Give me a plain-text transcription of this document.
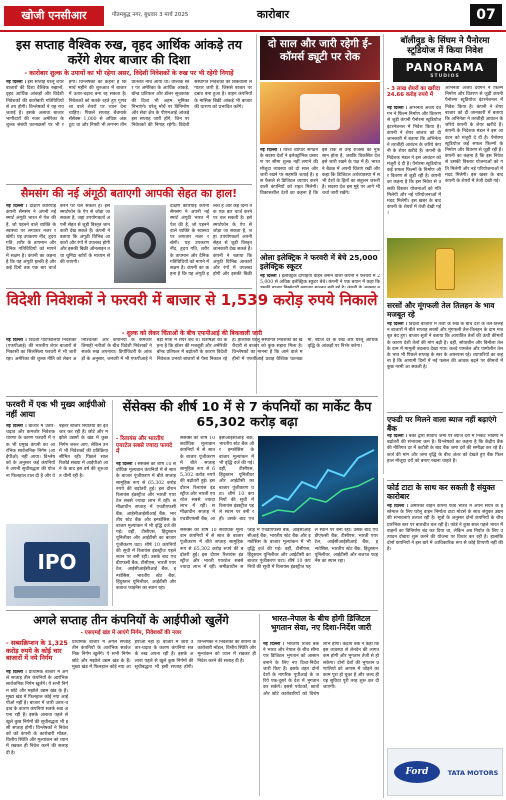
खोजी एनसीआर	गौतमबुद्ध नगर, बुधवार 3 मार्च 2025	कारोबार	07
इस सप्ताह वैश्विक रुख, वृहद आर्थिक आंकड़े तय करेंगे शेयर बाजार की दिशा
- कारोबार शुल्क के उपायों का भी रहेगा असर, विदेशी निवेशकों के रुख पर भी रहेगी निगाहें
नई दिल्ली । इस सप्ताह घरेलू शेयर बाजारों की दिशा वैश्विक रुझानों, वृहद आर्थिक आंकड़ों और विदेशी निवेशकों की कारोबारी गतिविधियों से तय होगी। विश्लेषकों ने यह राय जताई है। इसके अलावा बाजार भागीदारों की नजर अमेरिका के शुल्क संबंधी घटनाक्रमों पर भी रहेगी। विश्लेषकों का कहना है कि मार्च महीने की शुरुआत में बाजार में उतार-चढ़ाव बना रह सकता है। निवेशकों को सतर्क रहते हुए गुणवत्ता वाले शेयरों पर ध्यान देना चाहिए। पिछले सप्ताह बेंचमार्क सेंसेक्स 1,000 से अधिक अंक टूटा था और निफ्टी भी लगभग तीन प्रतिशत नीचे आया था। वैश्विक स्तर पर अमेरिका के आर्थिक आंकड़े, बॉन्ड प्रतिफल और डॉलर सूचकांक की दिशा भी अहम भूमिका निभाएंगे। घरेलू मोर्चे पर विनिर्माण और सेवा क्षेत्र के पीएमआई आंकड़े इस सप्ताह जारी होंगे, जिन पर निवेशकों की निगाह रहेगी। विदेशी संस्थागत निवेशकों की बिकवाली लगातार जारी है, जिससे बाजार पर दबाव बना हुआ है। वाहन कंपनियों के मासिक बिक्री आंकड़े भी बाजार की धारणा को प्रभावित करेंगे।
सैमसंग की नई अंगूठी बताएगी आपकी सेहत का हाल!
नई दिल्ली । दक्षिण कोरियाई कंपनी सैमसंग ने अपनी नई स्मार्ट अंगूठी भारत में पेश की है, जो पहनने वाले व्यक्ति के स्वास्थ्य पर लगातार नजर रखेगी। यह उपकरण नींद, हृदय गति, शरीर के तापमान और दैनिक गतिविधियों को मापने में सक्षम है। कंपनी का कहना है कि यह अंगूठी हल्की है और कई दिनों तक एक बार चार्ज करने पर चल सकती है। इसे स्मार्टफोन के ऐप से जोड़ा जा सकता है, जहां उपयोगकर्ता अपनी सेहत से जुड़ी विस्तृत जानकारी देख सकते हैं। कंपनी ने बताया कि अंगूठी विभिन्न आकारों और रंगों में उपलब्ध होगी और इसकी बिक्री ऑनलाइन तथा चुनिंदा स्टोरों के माध्यम से की जाएगी।
दक्षिण कोरियाई कंपनी सैमसंग ने अपनी नई स्मार्ट अंगूठी भारत में पेश की है, जो पहनने वाले व्यक्ति के स्वास्थ्य पर लगातार नजर रखेगी। यह उपकरण नींद, हृदय गति, शरीर के तापमान और दैनिक गतिविधियों को मापने में सक्षम है। कंपनी का कहना है कि यह अंगूठी हल्की है और कई दिनों तक एक बार चार्ज करने पर चल सकती है। इसे स्मार्टफोन के ऐप से जोड़ा जा सकता है, जहां उपयोगकर्ता अपनी सेहत से जुड़ी विस्तृत जानकारी देख सकते हैं। कंपनी ने बताया कि अंगूठी विभिन्न आकारों और रंगों में उपलब्ध होगी और इसकी बिक्री
विदेशी निवेशकों ने फरवरी में बाजार से 1,539 करोड़ रुपये निकाले
- शुल्क को लेकर चिंताओं के बीच एफपीआई की बिकवाली जारी
नई दिल्ली । विदेशी पोर्टफोलियो निवेशकों (एफपीआई) की भारतीय शेयर बाजारों से निकासी का सिलसिला फरवरी में भी जारी रहा। अमेरिका की शुल्क नीति को लेकर अनिश्चितता और कंपनियों के कमजोर तिमाही नतीजों के बीच विदेशी निवेशकों ने सतर्क रुख अपनाया। डिपॉजिटरी के आंकड़ों के अनुसार, जनवरी में भी एफपीआई ने बड़ी मात्रा में शेयर बेचे थे। विशेषज्ञों का कहना है कि डॉलर की मजबूती और अमेरिकी बॉन्ड प्रतिफल में बढ़ोतरी के कारण विदेशी निवेशक उभरते बाजारों से पैसा निकाल रहे हैं। हालांकि घरेलू संस्थागत निवेशकों की खरीदारी से बाजार को कुछ सहारा मिला है। विश्लेषकों का मानना है कि आने वाले महीनों में एफपीआई प्रवाह वैश्विक घटनाक्रमों, ब्याज दर के रुख और घरेलू आर्थिक वृद्धि के आंकड़ों पर निर्भर करेगा।
फरवरी में एक भी मुख्य आईपीओ नहीं आया
नई दिल्ली । बाजार में उतार-चढ़ाव और कमजोर निवेशक धारणा के कारण फरवरी में एक भी प्रमुख कंपनी का आरंभिक सार्वजनिक निर्गम (आईपीओ) नहीं आया। विश्लेषकों के अनुसार कई कंपनियों ने अपनी सूचीबद्धता की योजना फिलहाल टाल दी है और वे बेहतर बाजार स्थितियों का इंतजार कर रही हैं। छोटे और मझोले उद्यमों के खंड में कुछ निर्गम जरूर आए, लेकिन उनमें भी निवेशकों की प्रतिक्रिया सीमित रही। पिछले साल रिकॉर्ड संख्या में आईपीओ आने के बाद इस वर्ष की शुरुआत धीमी रही है।
IPO
सेंसेक्स की शीर्ष 10 में से 7 कंपनियों का मार्केट कैप 65,302 करोड़ बढ़ा
- रिलायंस और भारतीय एयरटेल सबसे ज्यादा फायदे में
नई दिल्ली । सेंसेक्स की शीर्ष 10 सर्वाधिक मूल्यवान कंपनियों में से सात के बाजार पूंजीकरण में बीते सप्ताह सामूहिक रूप से 65,302 करोड़ रुपये की बढ़ोतरी हुई। इस दौरान रिलायंस इंडस्ट्रीज और भारती एयरटेल सबसे ज्यादा लाभ में रहीं। समीक्षाधीन सप्ताह में एचडीएफसी बैंक, आईसीआईसीआई बैंक, भारतीय स्टेट बैंक और इन्फोसिस के बाजार मूल्यांकन में भी वृद्धि दर्ज की गई। वहीं, टीसीएस, हिंदुस्तान यूनिलीवर और आईटीसी का बाजार पूंजीकरण घटा। शीर्ष 10 कंपनियों की सूची में रिलायंस इंडस्ट्रीज पहले स्थान पर बनी रही। उसके बाद एचडीएफसी बैंक, टीसीएस, भारती एयरटेल, आईसीआईसीआई बैंक, इन्फोसिस, भारतीय स्टेट बैंक, हिंदुस्तान यूनिलीवर, आईटीसी और बजाज फाइनेंस का स्थान रहा।
सेंसेक्स की शीर्ष 10 सर्वाधिक मूल्यवान कंपनियों में से सात के बाजार पूंजीकरण में बीते सप्ताह सामूहिक रूप से 65,302 करोड़ रुपये की बढ़ोतरी हुई। इस दौरान रिलायंस इंडस्ट्रीज और भारती एयरटेल सबसे ज्यादा लाभ में रहीं। समीक्षाधीन सप्ताह में एचडीएफसी बैंक, आईसीआईसीआई बैंक, भारतीय स्टेट बैंक और इन्फोसिस के बाजार मूल्यांकन में भी वृद्धि दर्ज की गई। वहीं, टीसीएस, हिंदुस्तान यूनिलीवर और आईटीसी का बाजार पूंजीकरण घटा। शीर्ष 10 कंपनियों की सूची में रिलायंस इंडस्ट्रीज पहले स्थान पर बनी रही। उसके बाद एच
सेंसेक्स की शीर्ष 10 सर्वाधिक मूल्यवान कंपनियों में से सात के बाजार पूंजीकरण में बीते सप्ताह सामूहिक रूप से 65,302 करोड़ रुपये की बढ़ोतरी हुई। इस दौरान रिलायंस इंडस्ट्रीज और भारती एयरटेल सबसे ज्यादा लाभ में रहीं। समीक्षाधीन सप्ताह में एचडीएफसी बैंक, आईसीआईसीआई बैंक, भारतीय स्टेट बैंक और इन्फोसिस के बाजार मूल्यांकन में भी वृद्धि दर्ज की गई। वहीं, टीसीएस, हिंदुस्तान यूनिलीवर और आईटीसी का बाजार पूंजीकरण घटा। शीर्ष 10 कंपनियों की सूची में रिलायंस इंडस्ट्रीज पहले स्थान पर बनी रही। उसके बाद एचडीएफसी बैंक, टीसीएस, भारती एयरटेल, आईसीआईसीआई बैंक, इन्फोसिस, भारतीय स्टेट बैंक, हिंदुस्तान यूनिलीवर, आईटीसी और बजाज फाइनेंस का स्थान रहा।
अगले सप्ताह तीन कंपनियों के आईपीओ खुलेंगे
- एसएमई खंड में आएंगे निर्गम, निवेशकों की नजर
- सब्सक्रिप्शन के 1,325 करोड़ रुपये के कोई चार बाजारों में नये निर्गम
नई दिल्ली । प्राथमिक बाजार में अगले सप्ताह तीन कंपनियों के आरंभिक सार्वजनिक निर्गम खुलेंगे। ये सभी निर्गम छोटे और मझोले उद्यम खंड के हैं। मुख्य खंड में फिलहाल कोई नया आईपीओ नहीं है। बाजार में जारी उतार-चढ़ाव के कारण कंपनियां सतर्क रुख अपना रही हैं। इसके अलावा पहले से खुले कुछ निर्गमों की सूचीबद्धता भी इसी सप्ताह होगी। विश्लेषकों ने निवेशकों को कंपनी के कारोबारी मॉडल, वित्तीय स्थिति और मूल्यांकन को ध्यान में रखकर ही निवेश करने की सलाह दी है।
प्राथमिक बाजार में अगले सप्ताह तीन कंपनियों के आरंभिक सार्वजनिक निर्गम खुलेंगे। ये सभी निर्गम छोटे और मझोले उद्यम खंड के हैं। मुख्य खंड में फिलहाल कोई नया आईपीओ नहीं है। बाजार में जारी उतार-चढ़ाव के कारण कंपनियां सतर्क रुख अपना रही हैं। इसके अलावा पहले से खुले कुछ निर्गमों की सूचीबद्धता भी इसी सप्ताह होगी। विश्लेषकों ने निवेशकों को कंपनी के कारोबारी मॉडल, वित्तीय स्थिति और मूल्यांकन को ध्यान में रखकर ही निवेश करने की सलाह दी है।
दो साल और जारी रहेगी ई-कॉमर्स ड्यूटी पर रोक
नई दिल्ली । विश्व व्यापार संगठन के सदस्य देशों ने इलेक्ट्रॉनिक प्रसारण पर सीमा शुल्क नहीं लगाने की मौजूदा व्यवस्था को दो साल और जारी रखने पर सहमति जताई है। इस फैसले से डिजिटल व्यापार करने वाली कंपनियों को राहत मिलेगी। विकासशील देशों का कहना है कि इस रोक से उन्हें राजस्व का नुकसान होता है, जबकि विकसित देश इसे जारी रखने के पक्ष में हैं। भारत ने बैठक में अपनी चिंताएं रखीं और कहा कि डिजिटल अर्थव्यवस्था में सभी देशों के हितों का संतुलन जरूरी है। सदस्य देश इस मुद्दे पर आगे भी चर्चा जारी रखेंगे।
ओला इलेक्ट्रिक ने फरवरी में बेचे 25,000 इलेक्ट्रिक स्कूटर
नई दिल्ली । इलेक्ट्रिक दोपहिया वाहन बनाने वाली कंपनी ने फरवरी में 25,000 से अधिक इलेक्ट्रिक स्कूटर बेचे। कंपनी ने एक बयान में कहा कि
भारत-नेपाल के बीच होगी डिजिटल भुगतान सेवा, नए दिशा-निर्देश जारी
नई दिल्ली । भारतीय रिजर्व बैंक ने भारत और नेपाल के बीच सीमा पार डिजिटल भुगतान को आसान बनाने के लिए नए दिशा-निर्देश जारी किए हैं। इसके तहत दोनों देशों के नागरिक यूपीआई के जरिये एक-दूसरे के देश में भुगतान कर सकेंगे। इससे पर्यटकों, छात्रों और छोटे कारोबारियों को विशेष लाभ होगा। केंद्रीय बैंक ने कहा कि इस व्यवस्था से लेनदेन की लागत कम होगी और भुगतान तेजी से हो सकेगा। दोनों देशों की भुगतान प्रणालियों को आपस में जोड़ने का काम पूरा हो चुका है और जल्द ही यह सुविधा पूरी तरह शुरू कर दी जाएगी।
बॉलीवुड के सिंघम ने पैनोरमा स्टूडियोज में किया निवेश
PANORAMA
STUDIOS
- 3 लाख शेयरों का खरीदा 24.66 करोड़ रुपये में
नई दिल्ली । अभिनेता अजय देवगन ने फिल्म निर्माण और वितरण से जुड़ी कंपनी पैनोरमा स्टूडियोज इंटरनेशनल में निवेश किया है। कंपनी ने शेयर बाजार को दी जानकारी में बताया कि अभिनेता ने तरजीही आवंटन के जरिये कंपनी के शेयर खरीदे हैं। कंपनी के निदेशक मंडल ने इस आवंटन को मंजूरी दे दी है। पैनोरमा स्टूडियोज कई सफल फिल्मों के निर्माण और वितरण से जुड़ी रही है। कंपनी का कहना है कि इस निवेश से उसकी विस्तार योजनाओं को गति मिलेगी और नई परियोजनाओं में मदद मिलेगी। इस खबर के बाद कंपनी के शेयरों में तेजी देखी गई।
अभिनेता अजय देवगन ने फिल्म निर्माण और वितरण से जुड़ी कंपनी पैनोरमा स्टूडियोज इंटरनेशनल में निवेश किया है। कंपनी ने शेयर बाजार को दी जानकारी में बताया कि अभिनेता ने तरजीही आवंटन के जरिये कंपनी के शेयर खरीदे हैं। कंपनी के निदेशक मंडल ने इस आवंटन को मंजूरी दे दी है। पैनोरमा स्टूडियोज कई सफल फिल्मों के निर्माण और वितरण से जुड़ी रही है। कंपनी का कहना है कि इस निवेश से उसकी विस्तार योजनाओं को गति मिलेगी और नई परियोजनाओं में मदद मिलेगी। इस खबर के बाद कंपनी के शेयरों में तेजी देखी गई।
सरसों और मूंगफली तेल तिलहन के भाव मजबूत रहे
नई दिल्ली । विदेशी बाजारों में तेजी के रुख के बीच देश के तेल-तिलहन बाजारों में बीते सप्ताह सरसों और मूंगफली तेल-तिलहन के दाम मजबूत बंद हुए। बाजार सूत्रों ने बताया कि आयातित तेलों की ऊंची कीमतों के कारण देशी तेलों की मांग बढ़ी है। वहीं, सोयाबीन और बिनौला तेल के दाम में मामूली बदलाव देखा गया। कच्चे पामतेल और पामोलीन तेल के भाव भी पिछले सप्ताह के स्तर के आसपास रहे। व्यापारियों का कहना है कि आगामी दिनों में नई फसल की आवक बढ़ने पर कीमतों में कुछ नरमी आ सकती है।
एफडी पर मिलने वाला ब्याज नहीं बढ़ाएंगे बैंक
नई दिल्ली । बैंकों द्वारा सावधि जमा पर ब्याज दरों में निकट भविष्य में बढ़ोतरी की संभावना कम है। विश्लेषकों का कहना है कि केंद्रीय बैंक की नीतिगत दर में कटौती के बाद बैंक जमा दरों की समीक्षा कर रहे हैं। कर्ज की मांग और जमा वृद्धि के बीच अंतर को देखते हुए बैंक फिलहाल मौजूदा दरों को बनाए रखना चाहते हैं।
फोर्ड टाटा के साथ कर सकती है संयुक्त कारोबार
नई दिल्ली । अमेरिकी वाहन कंपनी फोर्ड भारत में अपने संयंत्र के इस्तेमाल के लिए घरेलू वाहन निर्माता टाटा मोटर्स के साथ संयुक्त उद्यम की संभावनाएं तलाश रही है। सूत्रों के अनुसार दोनों कंपनियों के बीच प्रारंभिक स्तर पर बातचीत चल रही है। फोर्ड ने कुछ साल पहले भारत में वाहनों का विनिर्माण बंद कर दिया था, लेकिन अब निर्यात के लिए उत्पादन दोबारा शुरू करने की योजना पर विचार कर रही है। हालांकि दोनों कंपनियों ने इस बारे में आधिकारिक रूप से कोई टिप्पणी नहीं की है।
Ford	TATA MOTORS
